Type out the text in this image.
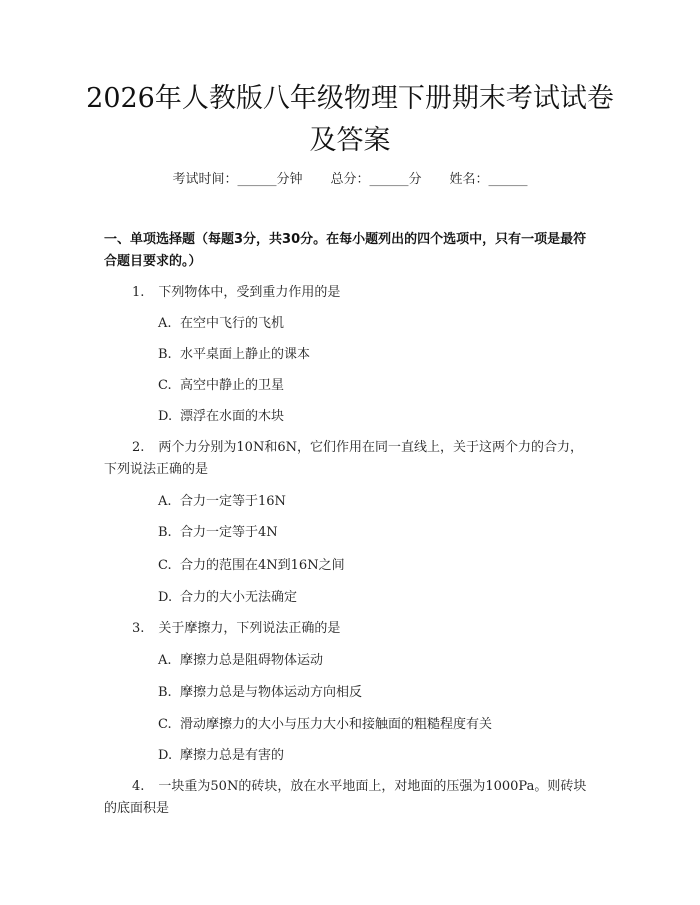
2026年人教版八年级物理下册期末考试试卷及答案
考试时间：______分钟 总分：______分 姓名：______

一、单项选择题（每题3分，共30分。在每小题列出的四个选项中，只有一项是最符合题目要求的。）

1. 下列物体中，受到重力作用的是

A. 在空中飞行的飞机

B. 水平桌面上静止的课本

C. 高空中静止的卫星

D. 漂浮在水面的木块

2. 两个力分别为10N和6N，它们作用在同一直线上，关于这两个力的合力，下列说法正确的是

A. 合力一定等于16N

B. 合力一定等于4N

C. 合力的范围在4N到16N之间

D. 合力的大小无法确定

3. 关于摩擦力，下列说法正确的是

A. 摩擦力总是阻碍物体运动

B. 摩擦力总是与物体运动方向相反

C. 滑动摩擦力的大小与压力大小和接触面的粗糙程度有关

D. 摩擦力总是有害的

4. 一块重为50N的砖块，放在水平地面上，对地面的压强为1000Pa。则砖块的底面积是
